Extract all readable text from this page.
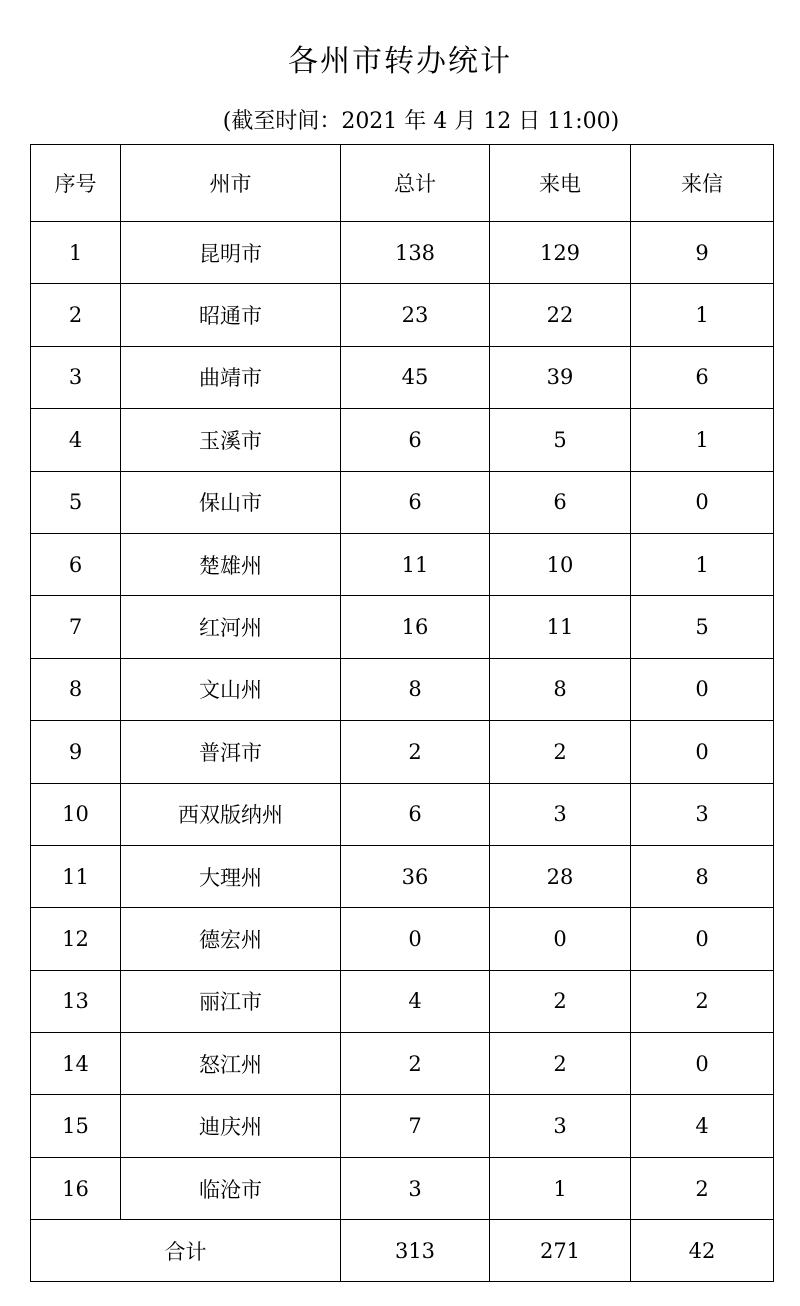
各州市转办统计
(截至时间：2021 年 4 月 12 日 11:00)
序号	州市	总计	来电	来信
1	昆明市	138	129	9
2	昭通市	23	22	1
3	曲靖市	45	39	6
4	玉溪市	6	5	1
5	保山市	6	6	0
6	楚雄州	11	10	1
7	红河州	16	11	5
8	文山州	8	8	0
9	普洱市	2	2	0
10	西双版纳州	6	3	3
11	大理州	36	28	8
12	德宏州	0	0	0
13	丽江市	4	2	2
14	怒江州	2	2	0
15	迪庆州	7	3	4
16	临沧市	3	1	2
合计		313	271	42
